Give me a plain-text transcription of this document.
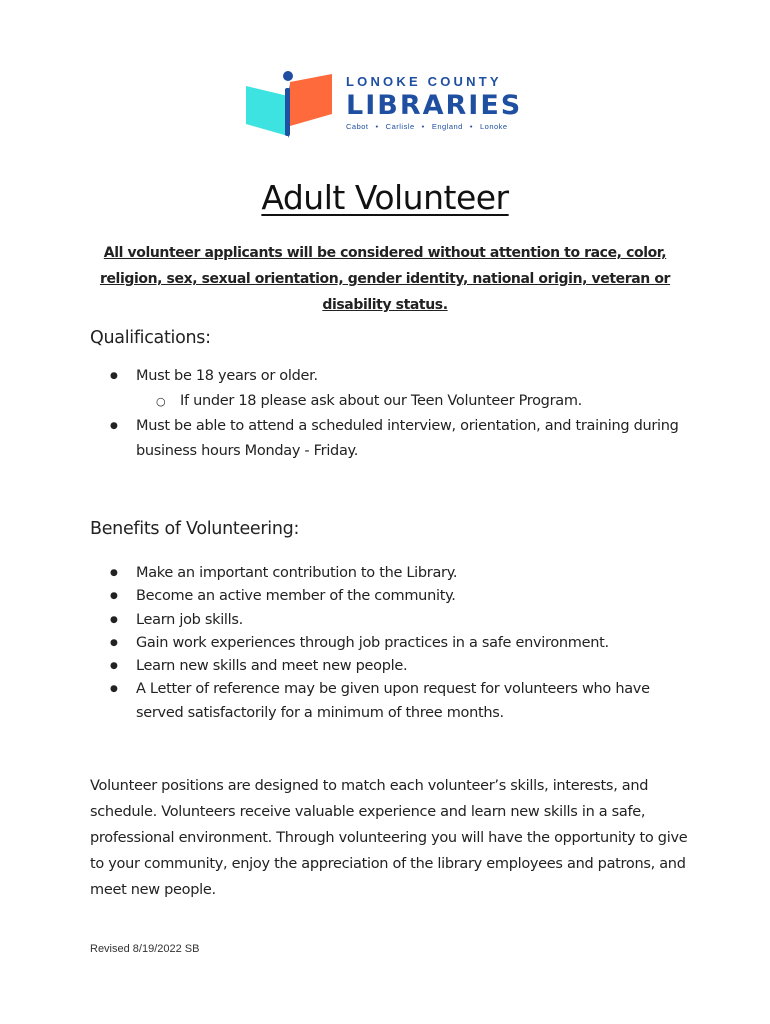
LONOKE COUNTY

LIBRARIES

Cabot • Carlisle • England • Lonoke

Adult Volunteer

All volunteer applicants will be considered without attention to race, color, religion, sex, sexual orientation, gender identity, national origin, veteran or disability status.

Qualifications:
● Must be 18 years or older.
○ If under 18 please ask about our Teen Volunteer Program.
● Must be able to attend a scheduled interview, orientation, and training during business hours Monday - Friday.
Benefits of Volunteering:
● Make an important contribution to the Library.
● Become an active member of the community.
● Learn job skills.
● Gain work experiences through job practices in a safe environment.
● Learn new skills and meet new people.
● A Letter of reference may be given upon request for volunteers who have served satisfactorily for a minimum of three months.

Volunteer positions are designed to match each volunteer’s skills, interests, and schedule. Volunteers receive valuable experience and learn new skills in a safe, professional environment. Through volunteering you will have the opportunity to give to your community, enjoy the appreciation of the library employees and patrons, and meet new people.

Revised 8/19/2022 SB
